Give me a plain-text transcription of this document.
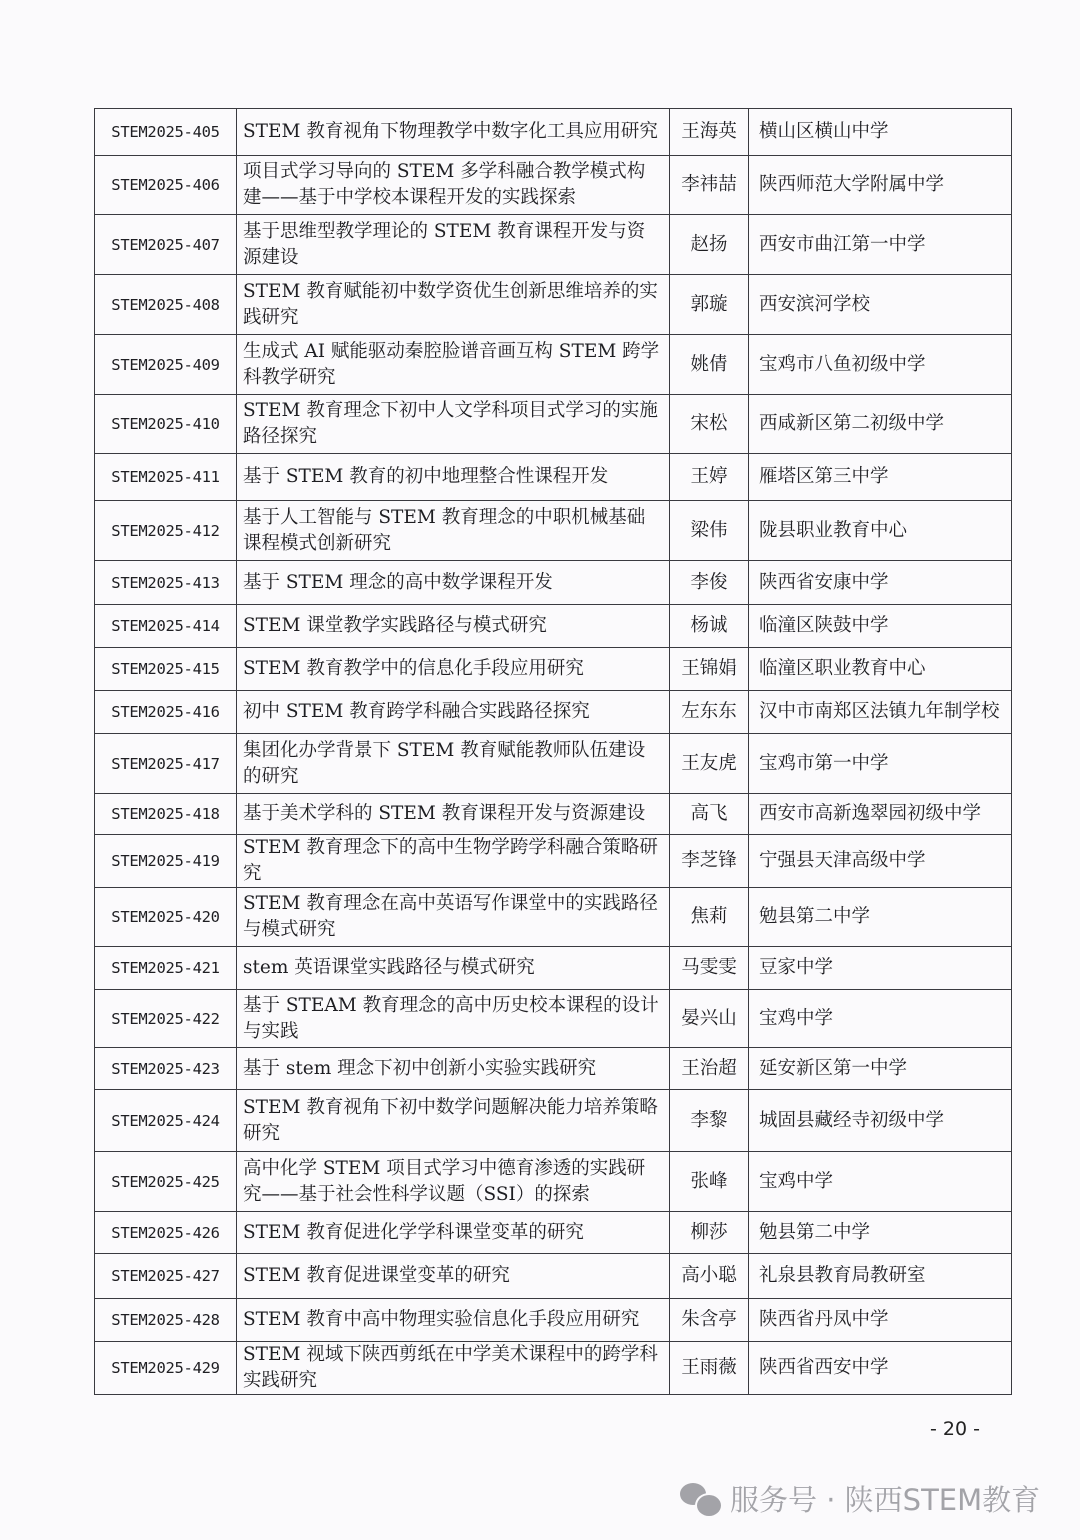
STEM2025-405	STEM 教育视角下物理教学中数字化工具应用研究	王海英	横山区横山中学
STEM2025-406	项目式学习导向的 STEM 多学科融合教学模式构建——基于中学校本课程开发的实践探索	李祎喆	陕西师范大学附属中学
STEM2025-407	基于思维型教学理论的 STEM 教育课程开发与资源建设	赵扬	西安市曲江第一中学
STEM2025-408	STEM 教育赋能初中数学资优生创新思维培养的实践研究	郭璇	西安滨河学校
STEM2025-409	生成式 AI 赋能驱动秦腔脸谱音画互构 STEM 跨学科教学研究	姚倩	宝鸡市八鱼初级中学
STEM2025-410	STEM 教育理念下初中人文学科项目式学习的实施路径探究	宋松	西咸新区第二初级中学
STEM2025-411	基于 STEM 教育的初中地理整合性课程开发	王婷	雁塔区第三中学
STEM2025-412	基于人工智能与 STEM 教育理念的中职机械基础课程模式创新研究	梁伟	陇县职业教育中心
STEM2025-413	基于 STEM 理念的高中数学课程开发	李俊	陕西省安康中学
STEM2025-414	STEM 课堂教学实践路径与模式研究	杨诚	临潼区陕鼓中学
STEM2025-415	STEM 教育教学中的信息化手段应用研究	王锦娟	临潼区职业教育中心
STEM2025-416	初中 STEM 教育跨学科融合实践路径探究	左东东	汉中市南郑区法镇九年制学校
STEM2025-417	集团化办学背景下 STEM 教育赋能教师队伍建设的研究	王友虎	宝鸡市第一中学
STEM2025-418	基于美术学科的 STEM 教育课程开发与资源建设	高飞	西安市高新逸翠园初级中学
STEM2025-419	STEM 教育理念下的高中生物学跨学科融合策略研究	李芝锋	宁强县天津高级中学
STEM2025-420	STEM 教育理念在高中英语写作课堂中的实践路径与模式研究	焦莉	勉县第二中学
STEM2025-421	stem 英语课堂实践路径与模式研究	马雯雯	豆家中学
STEM2025-422	基于 STEAM 教育理念的高中历史校本课程的设计与实践	晏兴山	宝鸡中学
STEM2025-423	基于 stem 理念下初中创新小实验实践研究	王治超	延安新区第一中学
STEM2025-424	STEM 教育视角下初中数学问题解决能力培养策略研究	李黎	城固县藏经寺初级中学
STEM2025-425	高中化学 STEM 项目式学习中德育渗透的实践研究——基于社会性科学议题（SSI）的探索	张峰	宝鸡中学
STEM2025-426	STEM 教育促进化学学科课堂变革的研究	柳莎	勉县第二中学
STEM2025-427	STEM 教育促进课堂变革的研究	高小聪	礼泉县教育局教研室
STEM2025-428	STEM 教育中高中物理实验信息化手段应用研究	朱含亭	陕西省丹凤中学
STEM2025-429	STEM 视域下陕西剪纸在中学美术课程中的跨学科实践研究	王雨薇	陕西省西安中学
- 20 -
服务号 · 陕西STEM教育
